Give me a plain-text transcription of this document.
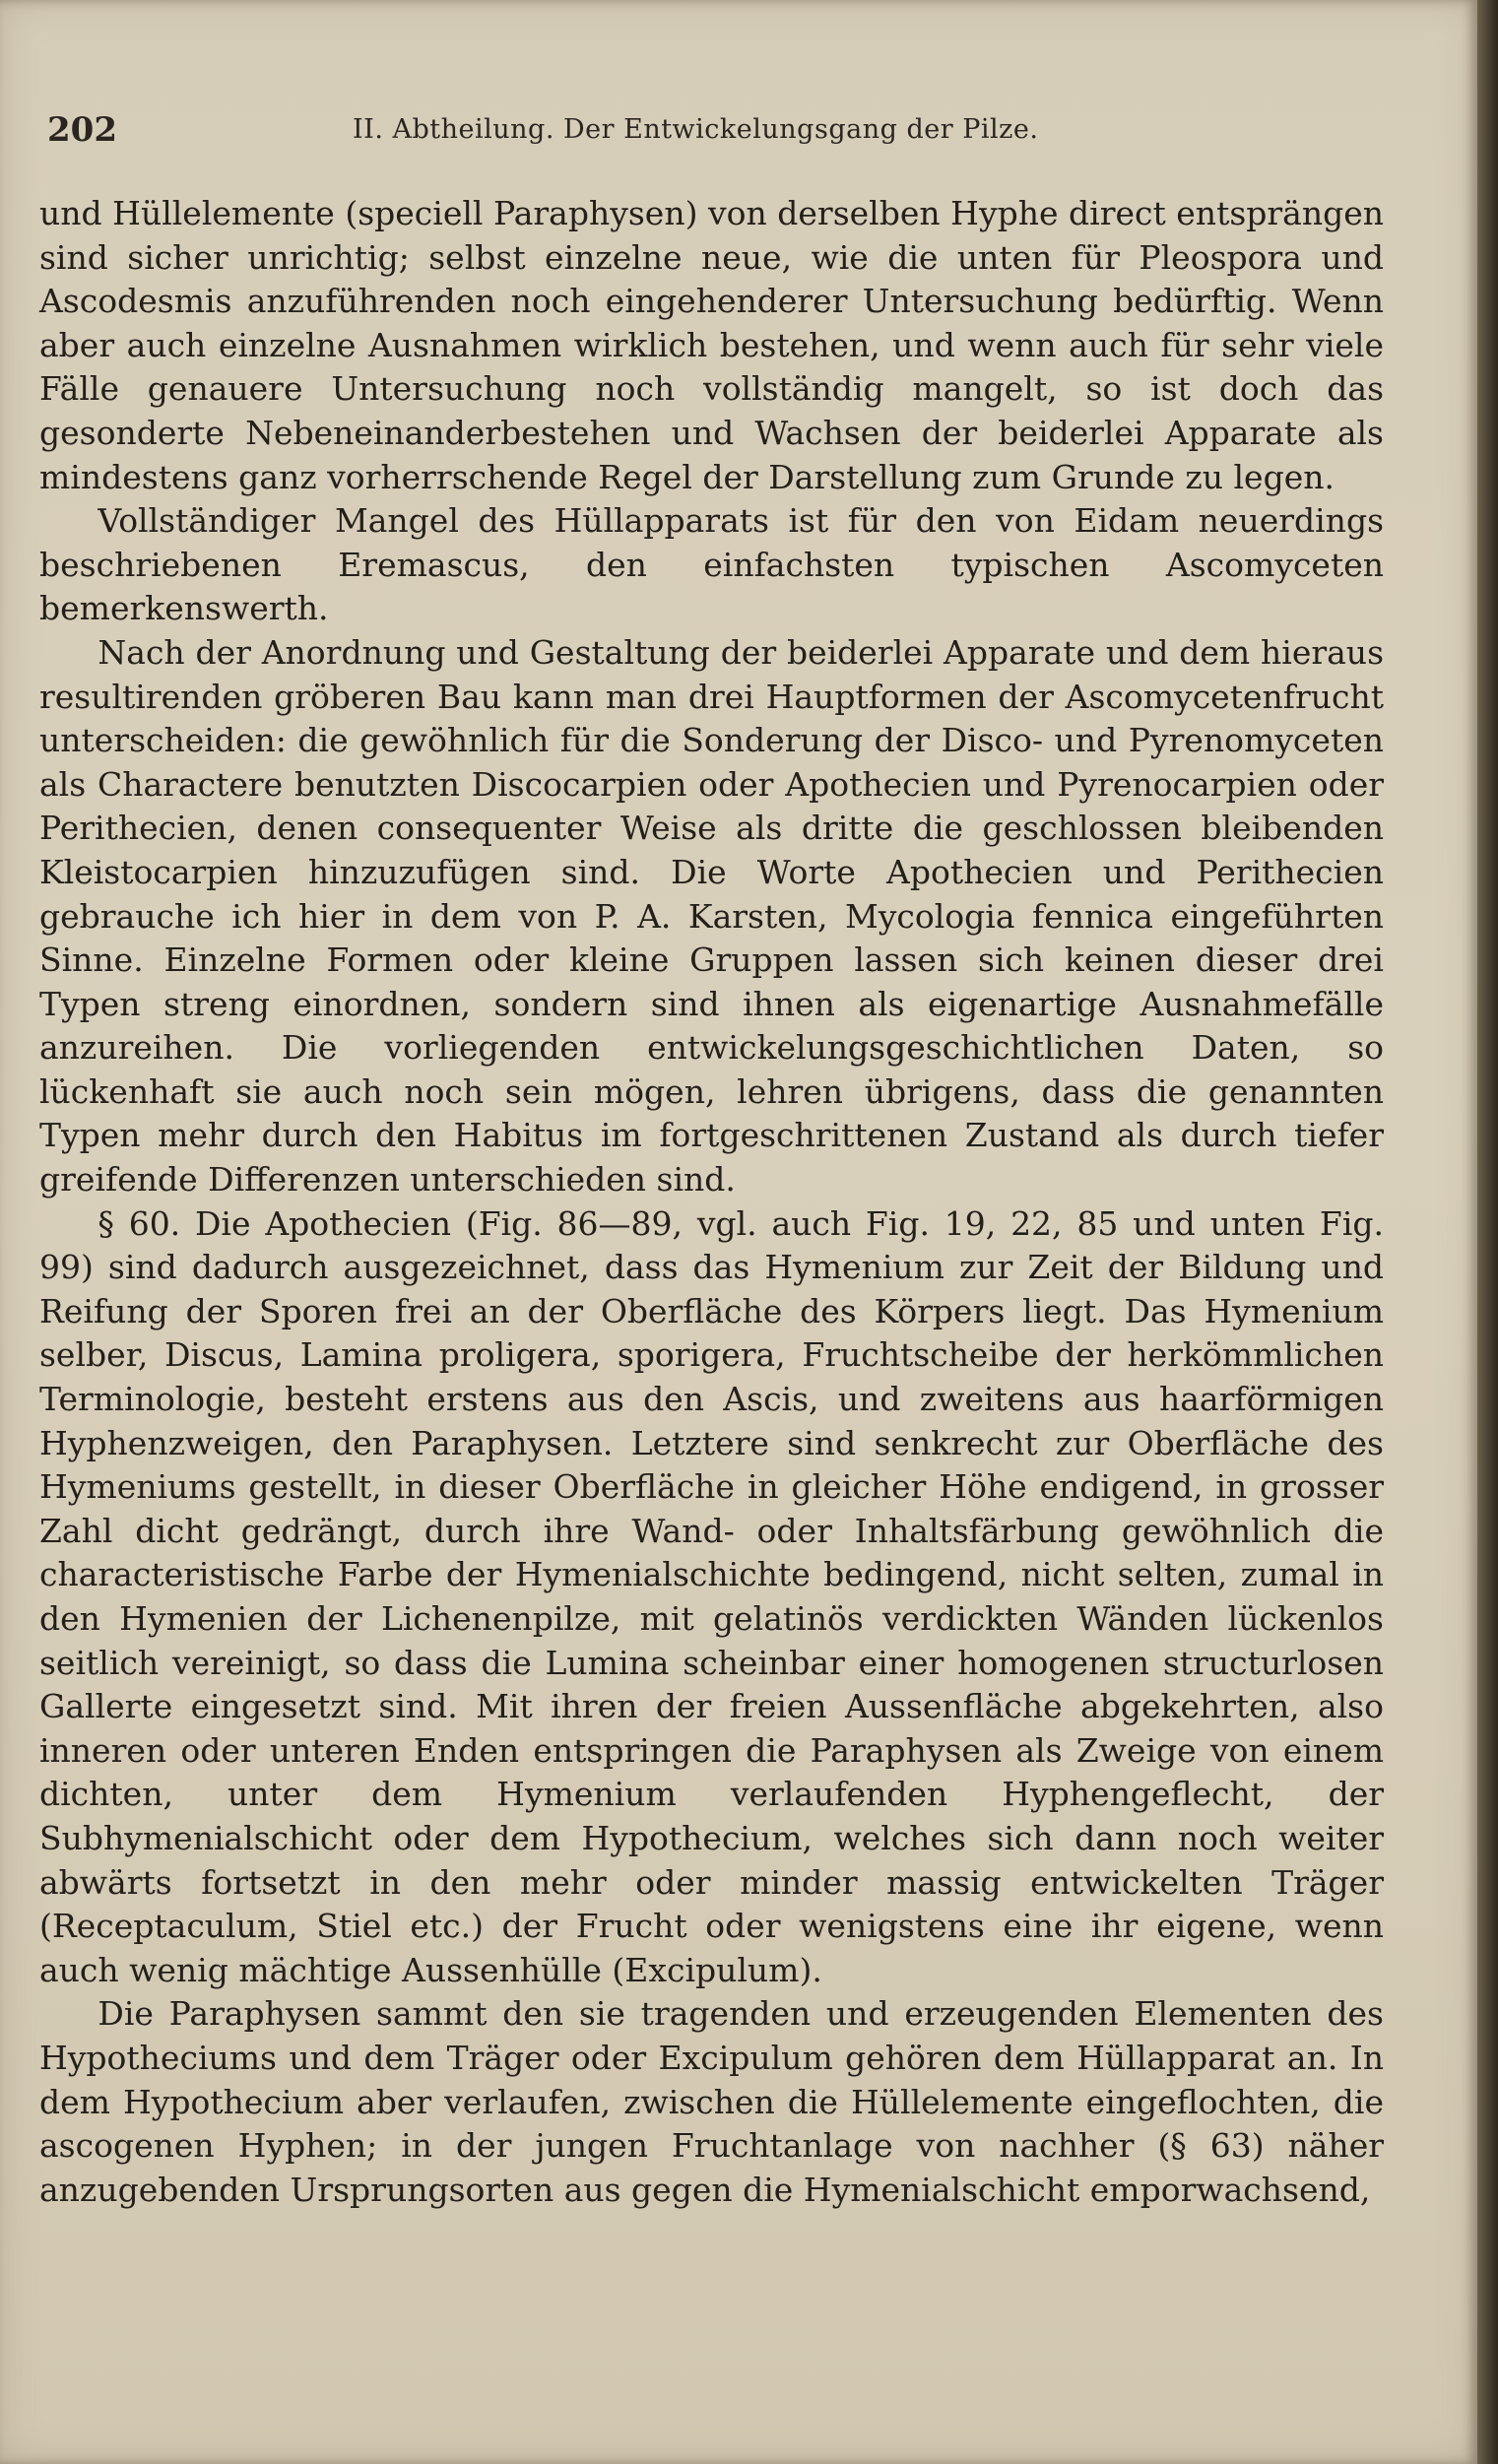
202	II. Abtheilung. Der Entwickelungsgang der Pilze.

und Hüllelemente (speciell Paraphysen) von derselben Hyphe direct entsprängen sind sicher unrichtig; selbst einzelne neue, wie die unten für Pleospora und Ascodesmis anzuführenden noch eingehenderer Untersuchung bedürftig. Wenn aber auch einzelne Ausnahmen wirklich bestehen, und wenn auch für sehr viele Fälle genauere Untersuchung noch vollständig mangelt, so ist doch das gesonderte Nebeneinanderbestehen und Wachsen der beiderlei Apparate als mindestens ganz vorherrschende Regel der Darstellung zum Grunde zu legen.

Vollständiger Mangel des Hüllapparats ist für den von Eidam neuerdings beschriebenen Eremascus, den einfachsten typischen Ascomyceten bemerkenswerth.

Nach der Anordnung und Gestaltung der beiderlei Apparate und dem hieraus resultirenden gröberen Bau kann man drei Hauptformen der Ascomycetenfrucht unterscheiden: die gewöhnlich für die Sonderung der Disco- und Pyrenomyceten als Charactere benutzten Discocarpien oder Apothecien und Pyrenocarpien oder Perithecien, denen consequenter Weise als dritte die geschlossen bleibenden Kleistocarpien hinzuzufügen sind. Die Worte Apothecien und Perithecien gebrauche ich hier in dem von P. A. Karsten, Mycologia fennica eingeführten Sinne. Einzelne Formen oder kleine Gruppen lassen sich keinen dieser drei Typen streng einordnen, sondern sind ihnen als eigenartige Ausnahmefälle anzureihen. Die vorliegenden entwickelungsgeschichtlichen Daten, so lückenhaft sie auch noch sein mögen, lehren übrigens, dass die genannten Typen mehr durch den Habitus im fortgeschrittenen Zustand als durch tiefer greifende Differenzen unterschieden sind.

§ 60. Die Apothecien (Fig. 86—89, vgl. auch Fig. 19, 22, 85 und unten Fig. 99) sind dadurch ausgezeichnet, dass das Hymenium zur Zeit der Bildung und Reifung der Sporen frei an der Oberfläche des Körpers liegt. Das Hymenium selber, Discus, Lamina proligera, sporigera, Fruchtscheibe der herkömmlichen Terminologie, besteht erstens aus den Ascis, und zweitens aus haarförmigen Hyphenzweigen, den Paraphysen. Letztere sind senkrecht zur Oberfläche des Hymeniums gestellt, in dieser Oberfläche in gleicher Höhe endigend, in grosser Zahl dicht gedrängt, durch ihre Wand- oder Inhaltsfärbung gewöhnlich die characteristische Farbe der Hymenialschichte bedingend, nicht selten, zumal in den Hymenien der Lichenenpilze, mit gelatinös verdickten Wänden lückenlos seitlich vereinigt, so dass die Lumina scheinbar einer homogenen structurlosen Gallerte eingesetzt sind. Mit ihren der freien Aussenfläche abgekehrten, also inneren oder unteren Enden entspringen die Paraphysen als Zweige von einem dichten, unter dem Hymenium verlaufenden Hyphengeflecht, der Subhymenialschicht oder dem Hypothecium, welches sich dann noch weiter abwärts fortsetzt in den mehr oder minder massig entwickelten Träger (Receptaculum, Stiel etc.) der Frucht oder wenigstens eine ihr eigene, wenn auch wenig mächtige Aussenhülle (Excipulum).

Die Paraphysen sammt den sie tragenden und erzeugenden Elementen des Hypotheciums und dem Träger oder Excipulum gehören dem Hüllapparat an. In dem Hypothecium aber verlaufen, zwischen die Hüllelemente eingeflochten, die ascogenen Hyphen; in der jungen Fruchtanlage von nachher (§ 63) näher anzugebenden Ursprungsorten aus gegen die Hymenialschicht emporwachsend,
